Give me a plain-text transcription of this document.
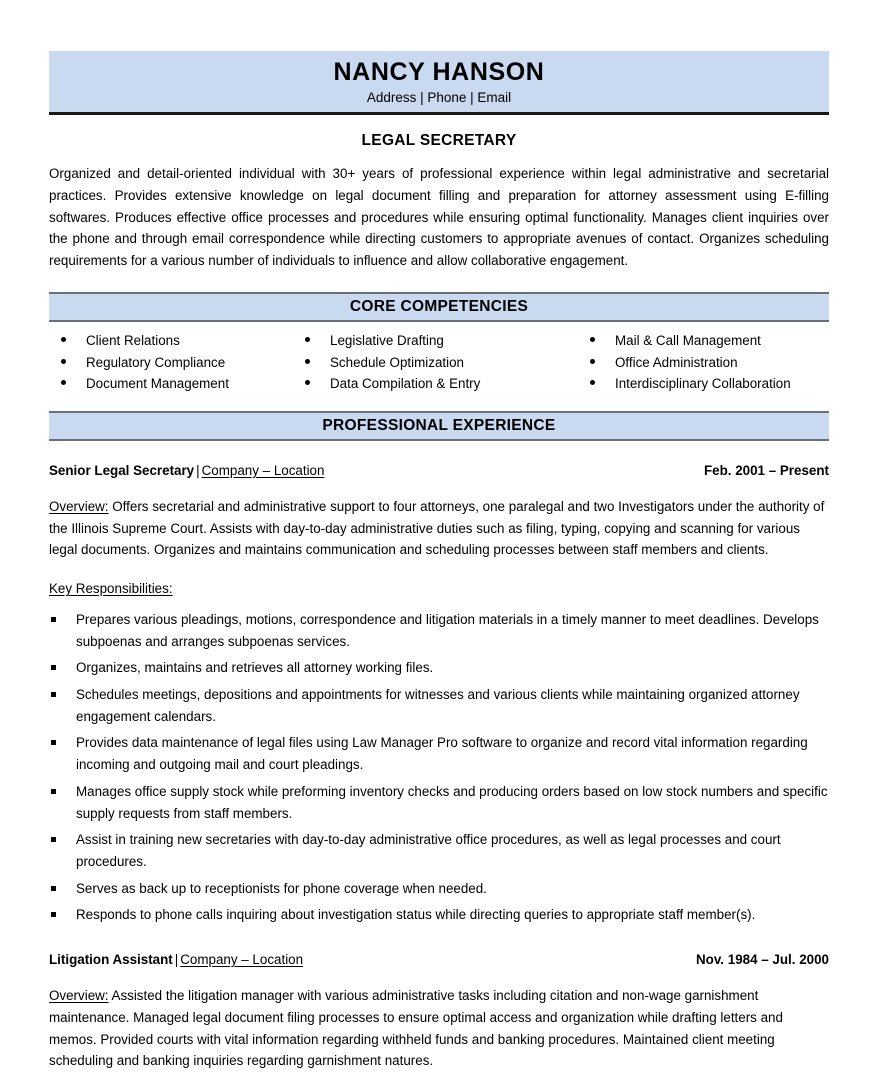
NANCY HANSON
Address | Phone | Email
LEGAL SECRETARY
Organized and detail-oriented individual with 30+ years of professional experience within legal administrative and secretarial practices. Provides extensive knowledge on legal document filling and preparation for attorney assessment using E-filling softwares. Produces effective office processes and procedures while ensuring optimal functionality. Manages client inquiries over the phone and through email correspondence while directing customers to appropriate avenues of contact. Organizes scheduling requirements for a various number of individuals to influence and allow collaborative engagement.
CORE COMPETENCIES
Client Relations
Regulatory Compliance
Document Management
Legislative Drafting
Schedule Optimization
Data Compilation & Entry
Mail & Call Management
Office Administration
Interdisciplinary Collaboration
PROFESSIONAL EXPERIENCE
Senior Legal Secretary | Company – Location	Feb. 2001 – Present
Overview: Offers secretarial and administrative support to four attorneys, one paralegal and two Investigators under the authority of the Illinois Supreme Court. Assists with day-to-day administrative duties such as filing, typing, copying and scanning for various legal documents. Organizes and maintains communication and scheduling processes between staff members and clients.
Key Responsibilities:
Prepares various pleadings, motions, correspondence and litigation materials in a timely manner to meet deadlines. Develops subpoenas and arranges subpoenas services.
Organizes, maintains and retrieves all attorney working files.
Schedules meetings, depositions and appointments for witnesses and various clients while maintaining organized attorney engagement calendars.
Provides data maintenance of legal files using Law Manager Pro software to organize and record vital information regarding incoming and outgoing mail and court pleadings.
Manages office supply stock while preforming inventory checks and producing orders based on low stock numbers and specific supply requests from staff members.
Assist in training new secretaries with day-to-day administrative office procedures, as well as legal processes and court procedures.
Serves as back up to receptionists for phone coverage when needed.
Responds to phone calls inquiring about investigation status while directing queries to appropriate staff member(s).
Litigation Assistant | Company – Location	Nov. 1984 – Jul. 2000
Overview: Assisted the litigation manager with various administrative tasks including citation and non-wage garnishment maintenance. Managed legal document filing processes to ensure optimal access and organization while drafting letters and memos. Provided courts with vital information regarding withheld funds and banking procedures. Maintained client meeting scheduling and banking inquiries regarding garnishment natures.
